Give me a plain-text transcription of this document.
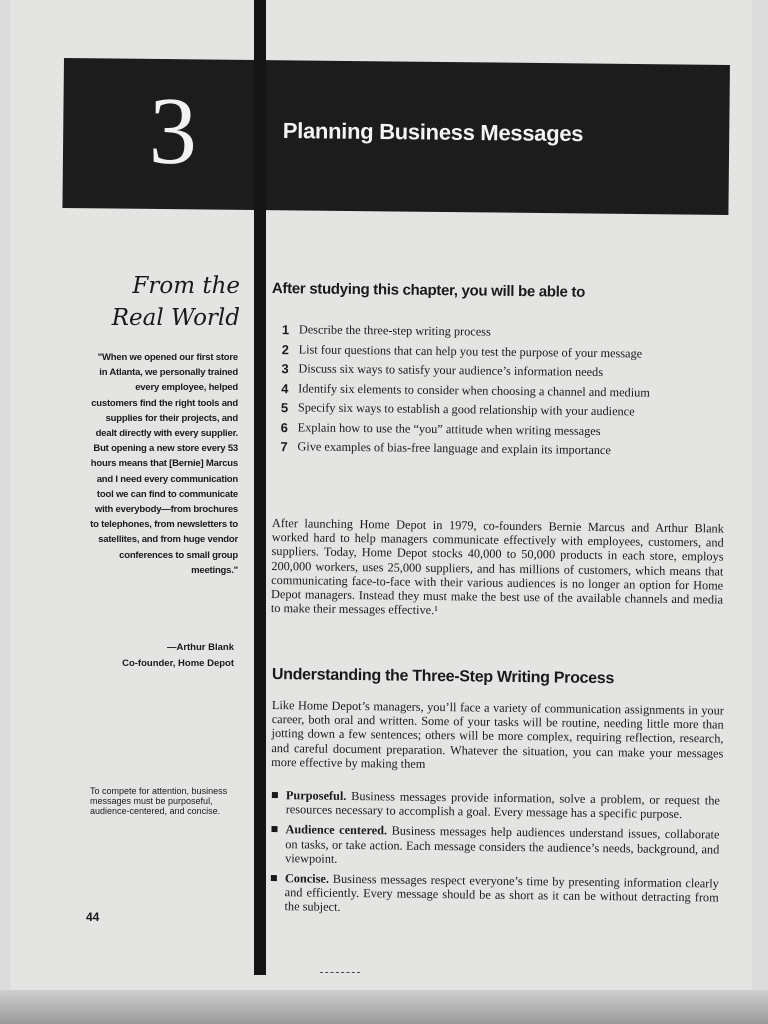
3	Planning Business Messages
From the
Real World
"When we opened our first store in Atlanta, we personally trained every employee, helped customers find the right tools and supplies for their projects, and dealt directly with every supplier. But opening a new store every 53 hours means that [Bernie] Marcus and I need every communication tool we can find to communicate with everybody—from brochures to telephones, from newsletters to satellites, and from huge vendor conferences to small group meetings."
—Arthur Blank
Co-founder, Home Depot
To compete for attention, business messages must be purposeful, audience-centered, and concise.
44
After studying this chapter, you will be able to
1 Describe the three-step writing process
2 List four questions that can help you test the purpose of your message
3 Discuss six ways to satisfy your audience’s information needs
4 Identify six elements to consider when choosing a channel and medium
5 Specify six ways to establish a good relationship with your audience
6 Explain how to use the “you” attitude when writing messages
7 Give examples of bias-free language and explain its importance
After launching Home Depot in 1979, co-founders Bernie Marcus and Arthur Blank worked hard to help managers communicate effectively with employees, customers, and suppliers. Today, Home Depot stocks 40,000 to 50,000 products in each store, employs 200,000 workers, uses 25,000 suppliers, and has millions of customers, which means that communicating face-to-face with their various audiences is no longer an option for Home Depot managers. Instead they must make the best use of the available channels and media to make their messages effective.¹
Understanding the Three-Step Writing Process
Like Home Depot’s managers, you’ll face a variety of communication assignments in your career, both oral and written. Some of your tasks will be routine, needing little more than jotting down a few sentences; others will be more complex, requiring reflection, research, and careful document preparation. Whatever the situation, you can make your messages more effective by making them
Purposeful. Business messages provide information, solve a problem, or request the resources necessary to accomplish a goal. Every message has a specific purpose.
Audience centered. Business messages help audiences understand issues, collaborate on tasks, or take action. Each message considers the audience’s needs, background, and viewpoint.
Concise. Business messages respect everyone’s time by presenting information clearly and efficiently. Every message should be as short as it can be without detracting from the subject.
